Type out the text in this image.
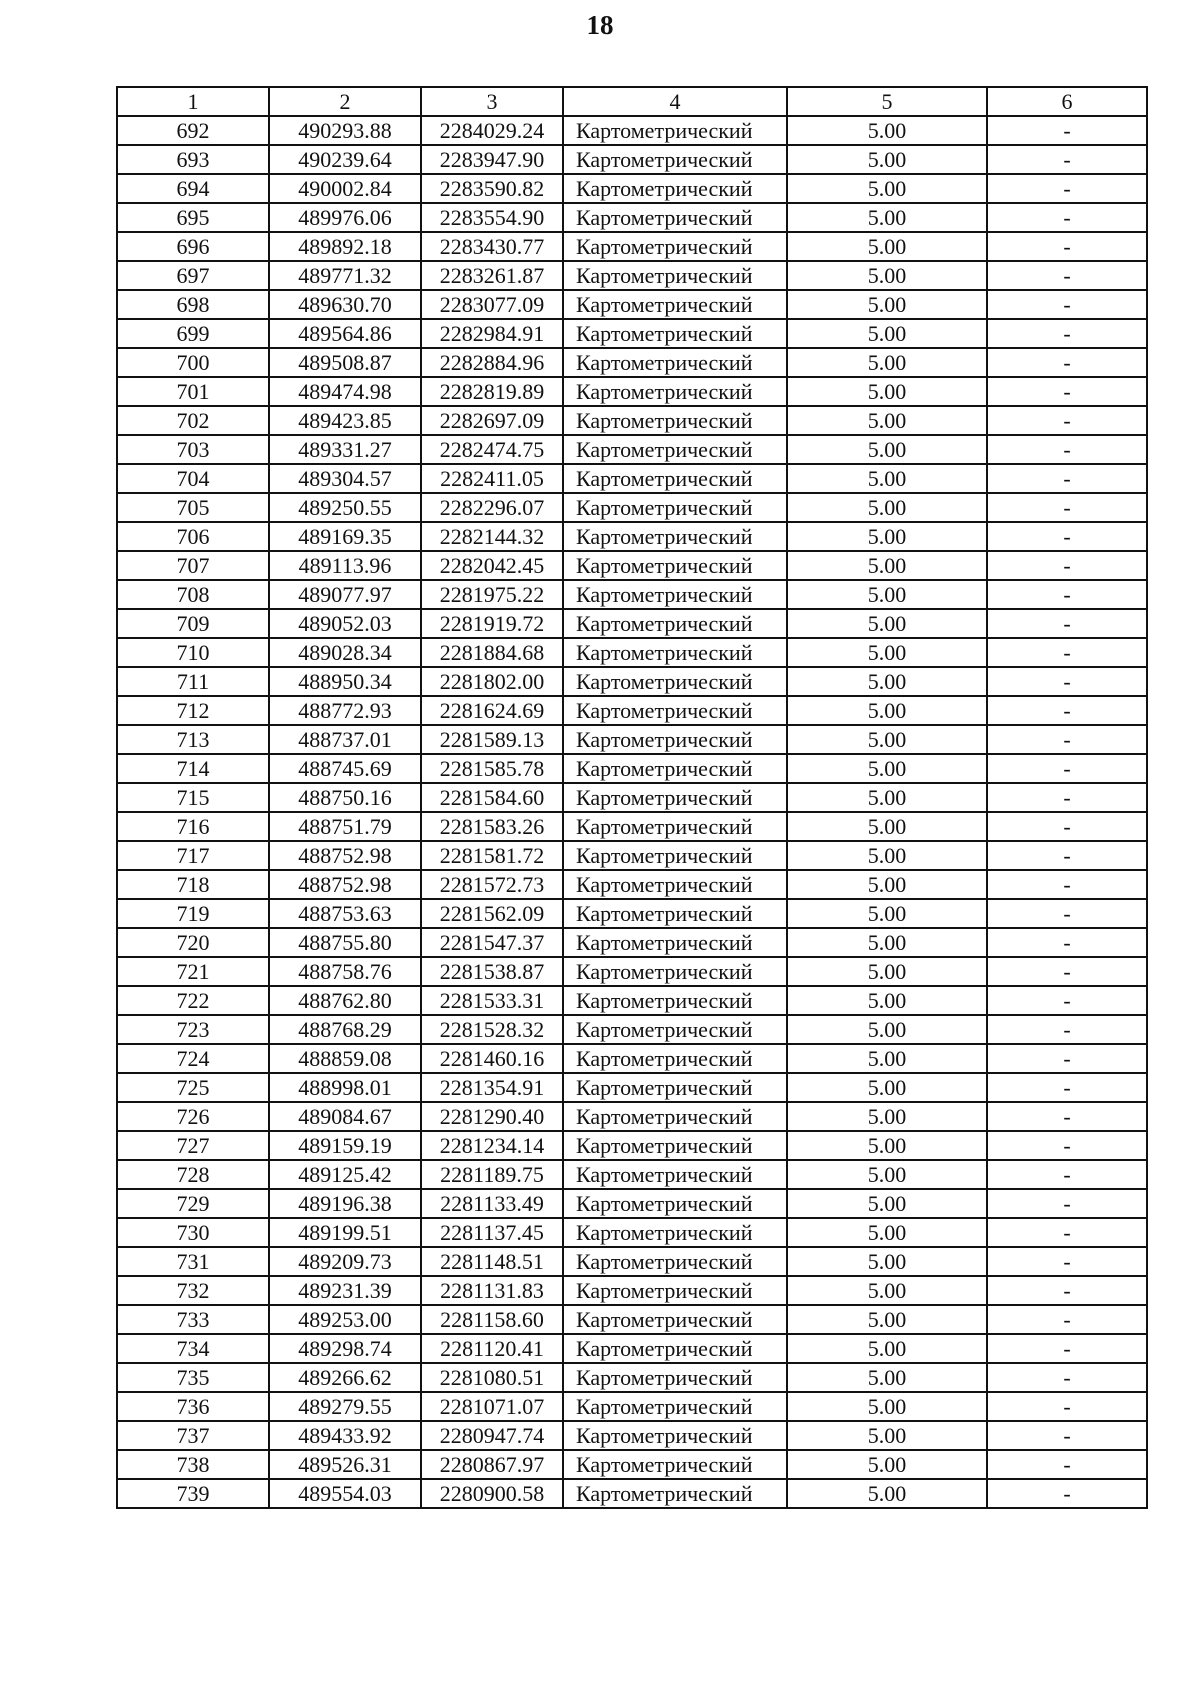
18
1	2	3	4	5	6
692	490293.88	2284029.24	Картометрический	5.00	-
693	490239.64	2283947.90	Картометрический	5.00	-
694	490002.84	2283590.82	Картометрический	5.00	-
695	489976.06	2283554.90	Картометрический	5.00	-
696	489892.18	2283430.77	Картометрический	5.00	-
697	489771.32	2283261.87	Картометрический	5.00	-
698	489630.70	2283077.09	Картометрический	5.00	-
699	489564.86	2282984.91	Картометрический	5.00	-
700	489508.87	2282884.96	Картометрический	5.00	-
701	489474.98	2282819.89	Картометрический	5.00	-
702	489423.85	2282697.09	Картометрический	5.00	-
703	489331.27	2282474.75	Картометрический	5.00	-
704	489304.57	2282411.05	Картометрический	5.00	-
705	489250.55	2282296.07	Картометрический	5.00	-
706	489169.35	2282144.32	Картометрический	5.00	-
707	489113.96	2282042.45	Картометрический	5.00	-
708	489077.97	2281975.22	Картометрический	5.00	-
709	489052.03	2281919.72	Картометрический	5.00	-
710	489028.34	2281884.68	Картометрический	5.00	-
711	488950.34	2281802.00	Картометрический	5.00	-
712	488772.93	2281624.69	Картометрический	5.00	-
713	488737.01	2281589.13	Картометрический	5.00	-
714	488745.69	2281585.78	Картометрический	5.00	-
715	488750.16	2281584.60	Картометрический	5.00	-
716	488751.79	2281583.26	Картометрический	5.00	-
717	488752.98	2281581.72	Картометрический	5.00	-
718	488752.98	2281572.73	Картометрический	5.00	-
719	488753.63	2281562.09	Картометрический	5.00	-
720	488755.80	2281547.37	Картометрический	5.00	-
721	488758.76	2281538.87	Картометрический	5.00	-
722	488762.80	2281533.31	Картометрический	5.00	-
723	488768.29	2281528.32	Картометрический	5.00	-
724	488859.08	2281460.16	Картометрический	5.00	-
725	488998.01	2281354.91	Картометрический	5.00	-
726	489084.67	2281290.40	Картометрический	5.00	-
727	489159.19	2281234.14	Картометрический	5.00	-
728	489125.42	2281189.75	Картометрический	5.00	-
729	489196.38	2281133.49	Картометрический	5.00	-
730	489199.51	2281137.45	Картометрический	5.00	-
731	489209.73	2281148.51	Картометрический	5.00	-
732	489231.39	2281131.83	Картометрический	5.00	-
733	489253.00	2281158.60	Картометрический	5.00	-
734	489298.74	2281120.41	Картометрический	5.00	-
735	489266.62	2281080.51	Картометрический	5.00	-
736	489279.55	2281071.07	Картометрический	5.00	-
737	489433.92	2280947.74	Картометрический	5.00	-
738	489526.31	2280867.97	Картометрический	5.00	-
739	489554.03	2280900.58	Картометрический	5.00	-
